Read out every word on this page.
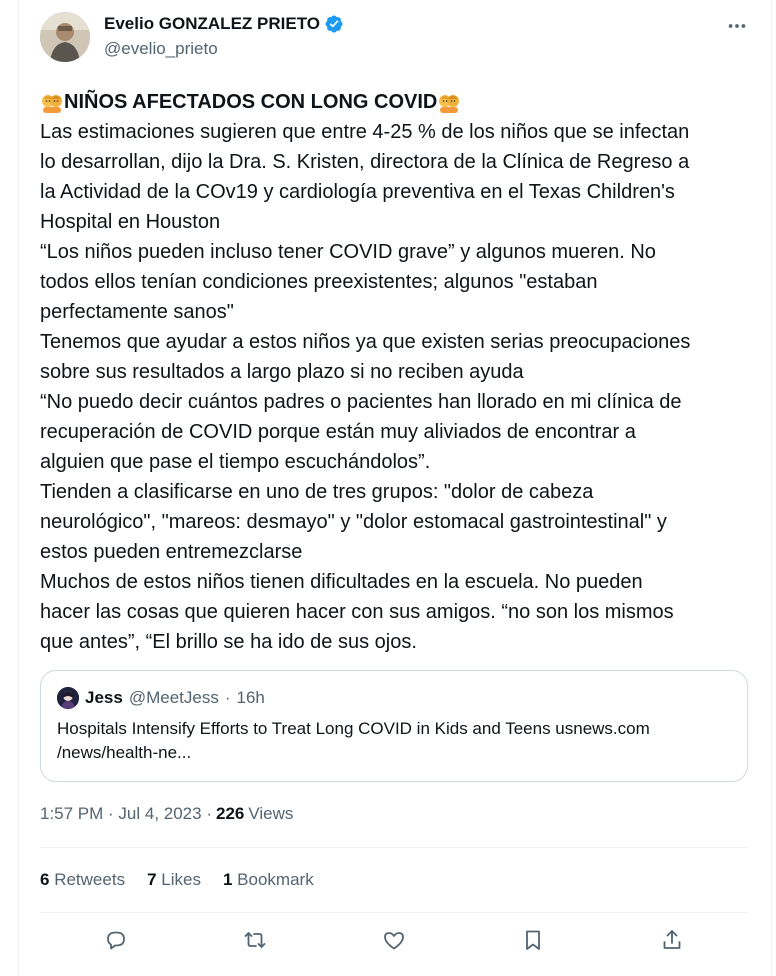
Evelio GONZALEZ PRIETO
@evelio_prieto
NIÑOS AFECTADOS CON LONG COVID
Las estimaciones sugieren que entre 4-25 % de los niños que se infectan
lo desarrollan, dijo la Dra. S. Kristen, directora de la Clínica de Regreso a
la Actividad de la COv19 y cardiología preventiva en el Texas Children's
Hospital en Houston
“Los niños pueden incluso tener COVID grave” y algunos mueren. No
todos ellos tenían condiciones preexistentes; algunos "estaban
perfectamente sanos"
Tenemos que ayudar a estos niños ya que existen serias preocupaciones
sobre sus resultados a largo plazo si no reciben ayuda
“No puedo decir cuántos padres o pacientes han llorado en mi clínica de
recuperación de COVID porque están muy aliviados de encontrar a
alguien que pase el tiempo escuchándolos”.
Tienden a clasificarse en uno de tres grupos: "dolor de cabeza
neurológico", "mareos: desmayo" y "dolor estomacal gastrointestinal" y
estos pueden entremezclarse
Muchos de estos niños tienen dificultades en la escuela. No pueden
hacer las cosas que quieren hacer con sus amigos. “no son los mismos
que antes”, “El brillo se ha ido de sus ojos.
Jess @MeetJess · 16h
Hospitals Intensify Efforts to Treat Long COVID in Kids and Teens usnews.com /news/health-ne...
1:57 PM · Jul 4, 2023 · 226 Views
6 Retweets 7 Likes 1 Bookmark
